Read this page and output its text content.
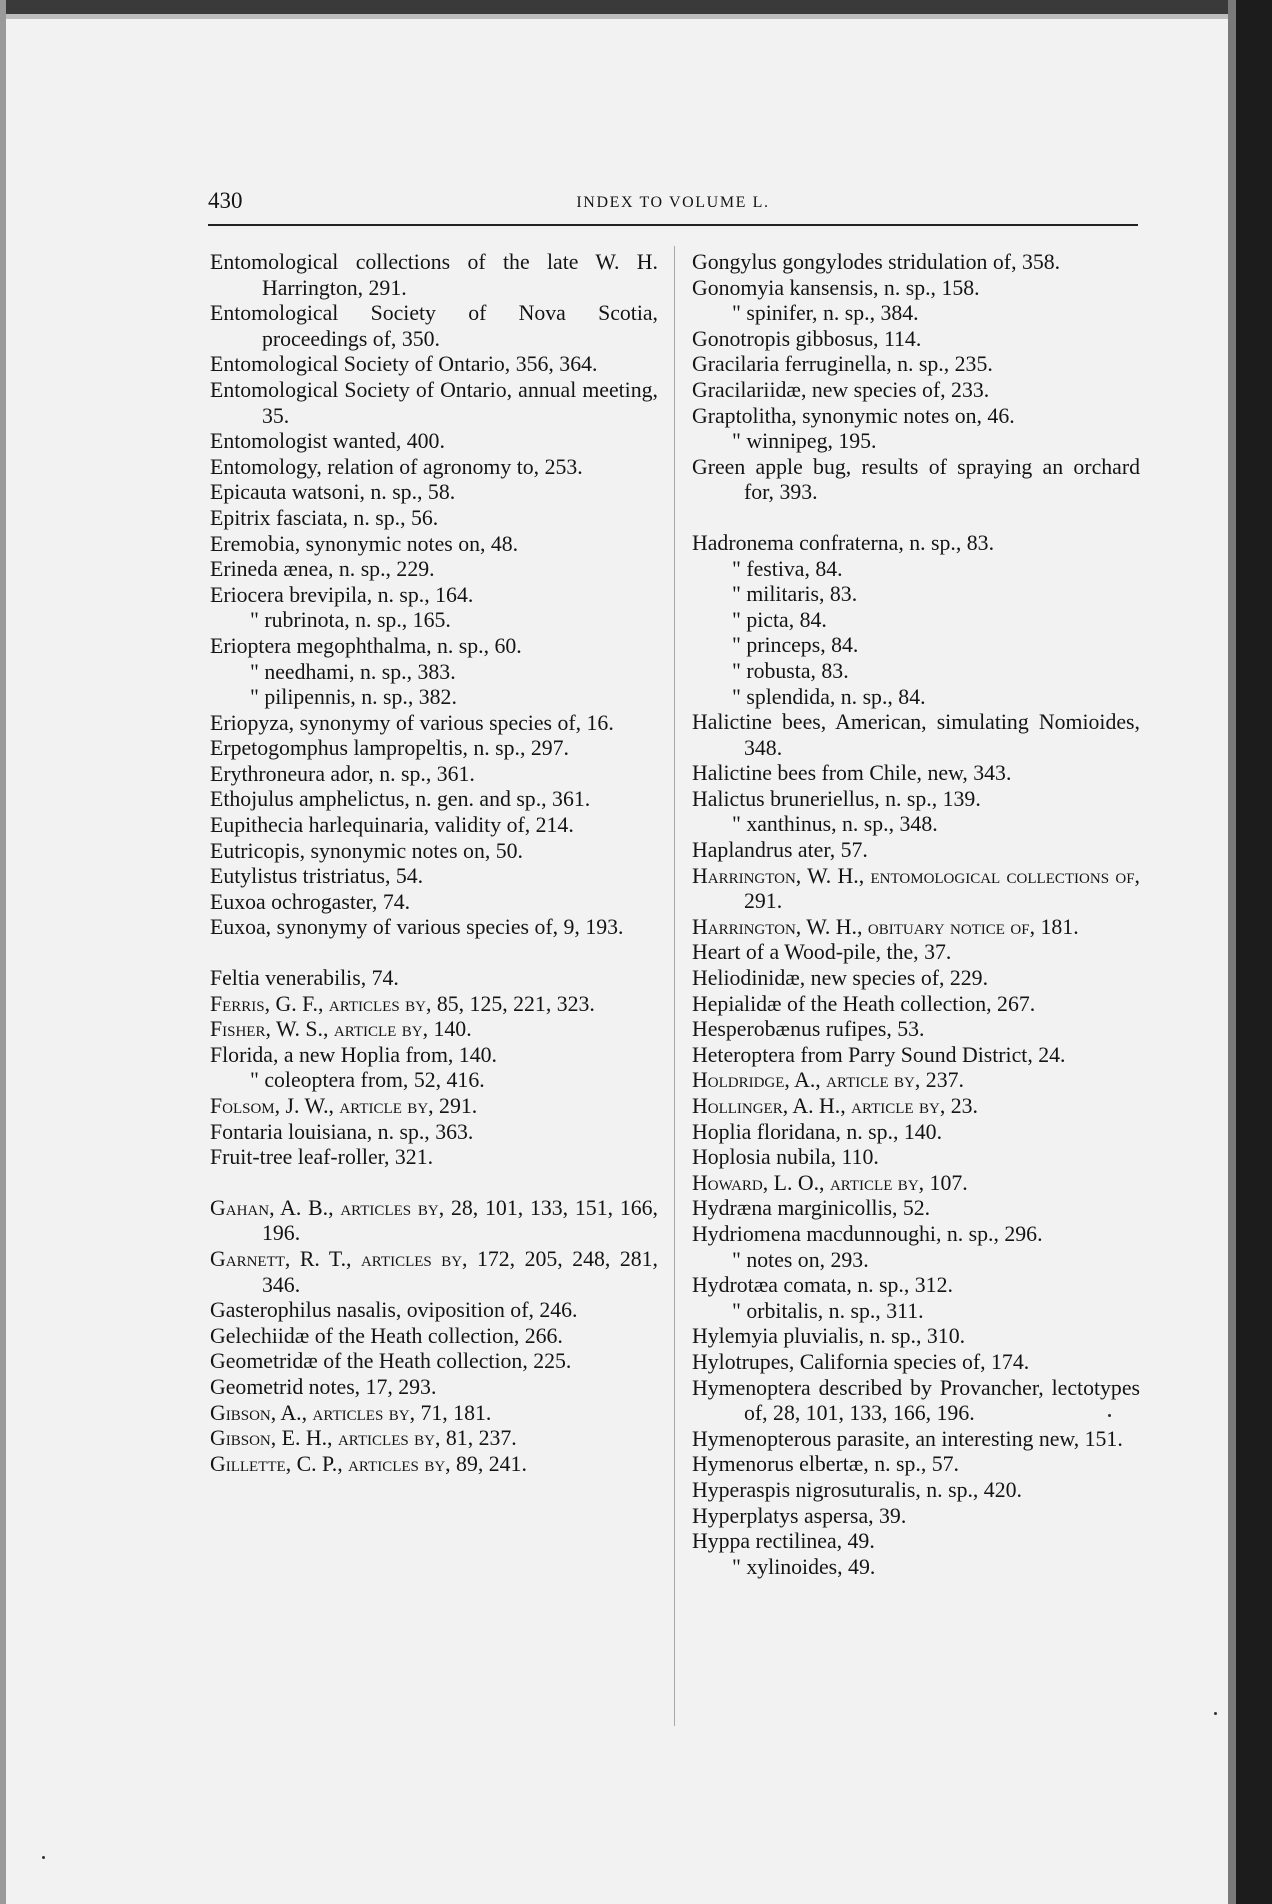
430	INDEX TO VOLUME L.

Entomological collections of the late W. H. Harrington, 291.

Entomological Society of Nova Scotia, proceedings of, 350.

Entomological Society of Ontario, 356, 364.

Entomological Society of Ontario, annual meeting, 35.

Entomologist wanted, 400.

Entomology, relation of agronomy to, 253.

Epicauta watsoni, n. sp., 58.

Epitrix fasciata, n. sp., 56.

Eremobia, synonymic notes on, 48.

Erineda ænea, n. sp., 229.

Eriocera brevipila, n. sp., 164.

" rubrinota, n. sp., 165.

Erioptera megophthalma, n. sp., 60.

" needhami, n. sp., 383.

" pilipennis, n. sp., 382.

Eriopyza, synonymy of various species of, 16.

Erpetogomphus lampropeltis, n. sp., 297.

Erythroneura ador, n. sp., 361.

Ethojulus amphelictus, n. gen. and sp., 361.

Eupithecia harlequinaria, validity of, 214.

Eutricopis, synonymic notes on, 50.

Eutylistus tristriatus, 54.

Euxoa ochrogaster, 74.

Euxoa, synonymy of various species of, 9, 193.

Feltia venerabilis, 74.

Ferris, G. F., articles by, 85, 125, 221, 323.

Fisher, W. S., article by, 140.

Florida, a new Hoplia from, 140.

" coleoptera from, 52, 416.

Folsom, J. W., article by, 291.

Fontaria louisiana, n. sp., 363.

Fruit-tree leaf-roller, 321.

Gahan, A. B., articles by, 28, 101, 133, 151, 166, 196.

Garnett, R. T., articles by, 172, 205, 248, 281, 346.

Gasterophilus nasalis, oviposition of, 246.

Gelechiidæ of the Heath collection, 266.

Geometridæ of the Heath collection, 225.

Geometrid notes, 17, 293.

Gibson, A., articles by, 71, 181.

Gibson, E. H., articles by, 81, 237.

Gillette, C. P., articles by, 89, 241.

Gongylus gongylodes stridulation of, 358.

Gonomyia kansensis, n. sp., 158.

" spinifer, n. sp., 384.

Gonotropis gibbosus, 114.

Gracilaria ferruginella, n. sp., 235.

Gracilariidæ, new species of, 233.

Graptolitha, synonymic notes on, 46.

" winnipeg, 195.

Green apple bug, results of spraying an orchard for, 393.

Hadronema confraterna, n. sp., 83.

" festiva, 84.

" militaris, 83.

" picta, 84.

" princeps, 84.

" robusta, 83.

" splendida, n. sp., 84.

Halictine bees, American, simulating Nomioides, 348.

Halictine bees from Chile, new, 343.

Halictus bruneriellus, n. sp., 139.

" xanthinus, n. sp., 348.

Haplandrus ater, 57.

Harrington, W. H., entomological collections of, 291.

Harrington, W. H., obituary notice of, 181.

Heart of a Wood-pile, the, 37.

Heliodinidæ, new species of, 229.

Hepialidæ of the Heath collection, 267.

Hesperobænus rufipes, 53.

Heteroptera from Parry Sound District, 24.

Holdridge, A., article by, 237.

Hollinger, A. H., article by, 23.

Hoplia floridana, n. sp., 140.

Hoplosia nubila, 110.

Howard, L. O., article by, 107.

Hydræna marginicollis, 52.

Hydriomena macdunnoughi, n. sp., 296.

" notes on, 293.

Hydrotæa comata, n. sp., 312.

" orbitalis, n. sp., 311.

Hylemyia pluvialis, n. sp., 310.

Hylotrupes, California species of, 174.

Hymenoptera described by Provancher, lectotypes of, 28, 101, 133, 166, 196.

Hymenopterous parasite, an interesting new, 151.

Hymenorus elbertæ, n. sp., 57.

Hyperaspis nigrosuturalis, n. sp., 420.

Hyperplatys aspersa, 39.

Hyppa rectilinea, 49.

" xylinoides, 49.
